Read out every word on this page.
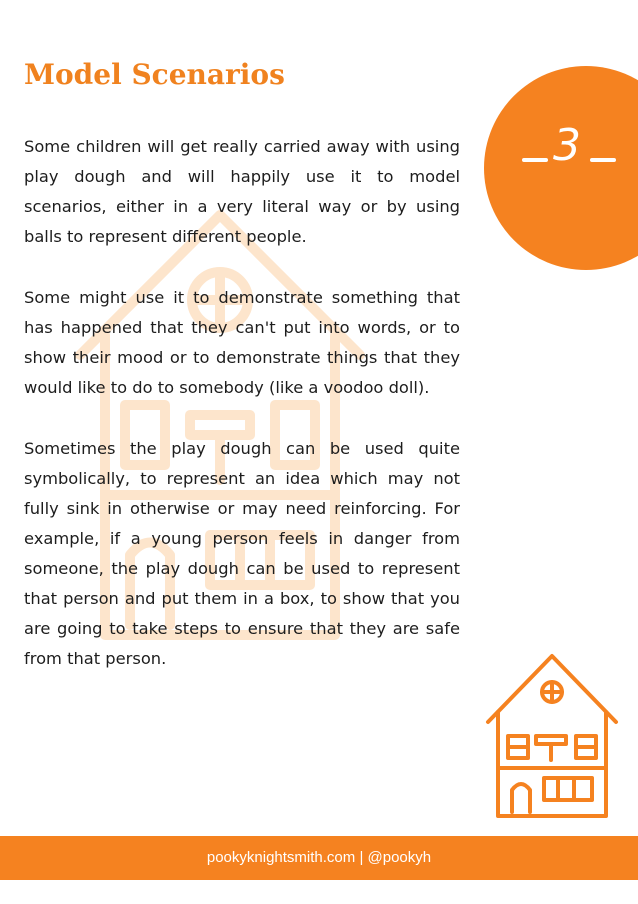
Model Scenarios

Some children will get really carried away with using play dough and will happily use it to model scenarios, either in a very literal way or by using balls to represent different people.

Some might use it to demonstrate something that has happened that they can't put into words, or to show their mood or to demonstrate things that they would like to do to somebody (like a voodoo doll).

Sometimes the play dough can be used quite symbolically, to represent an idea which may not fully sink in otherwise or may need reinforcing. For example, if a young person feels in danger from someone, the play dough can be used to represent that person and put them in a box, to show that you are going to take steps to ensure that they are safe from that person.

3
pookyknightsmith.com | @pookyh
